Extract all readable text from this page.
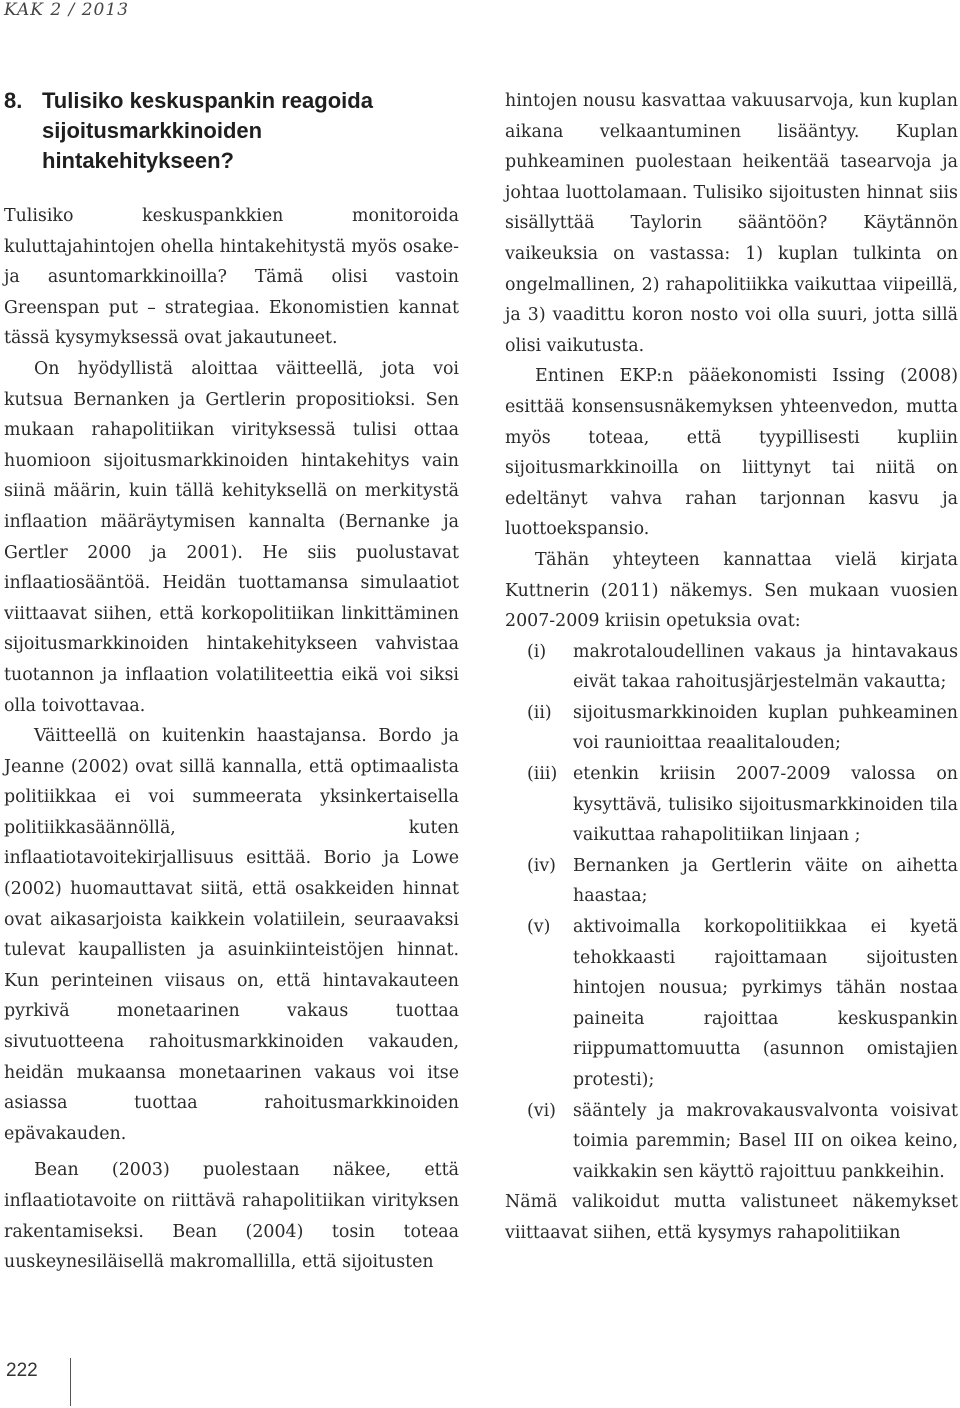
KAK 2 / 2013
8. Tulisiko keskuspankin reagoida sijoitusmarkkinoiden hintakehitykseen?

Tulisiko keskuspankkien monitoroida kuluttajahintojen ohella hintakehitystä myös osake- ja asuntomarkkinoilla? Tämä olisi vastoin Greenspan put – strategiaa. Ekonomistien kannat tässä kysymyksessä ovat jakautuneet.

On hyödyllistä aloittaa väitteellä, jota voi kutsua Bernanken ja Gertlerin propositioksi. Sen mukaan rahapolitiikan virityksessä tulisi ottaa huomioon sijoitusmarkkinoiden hintakehitys vain siinä määrin, kuin tällä kehityksellä on merkitystä inflaation määräytymisen kannalta (Bernanke ja Gertler 2000 ja 2001). He siis puolustavat inflaatiosääntöä. Heidän tuottamansa simulaatiot viittaavat siihen, että korkopolitiikan linkittäminen sijoitusmarkkinoiden hintakehitykseen vahvistaa tuotannon ja inflaation volatiliteettia eikä voi siksi olla toivottavaa.

Väitteellä on kuitenkin haastajansa. Bordo ja Jeanne (2002) ovat sillä kannalla, että optimaalista politiikkaa ei voi summeerata yksinkertaisella politiikkasäännöllä, kuten inflaatiotavoitekirjallisuus esittää. Borio ja Lowe (2002) huomauttavat siitä, että osakkeiden hinnat ovat aikasarjoista kaikkein volatiilein, seuraavaksi tulevat kaupallisten ja asuinkiinteistöjen hinnat. Kun perinteinen viisaus on, että hintavakauteen pyrkivä monetaarinen vakaus tuottaa sivutuotteena rahoitusmarkkinoiden vakauden, heidän mukaansa monetaarinen vakaus voi itse asiassa tuottaa rahoitusmarkkinoiden epävakauden.

Bean (2003) puolestaan näkee, että inflaatiotavoite on riittävä rahapolitiikan virityksen rakentamiseksi. Bean (2004) tosin toteaa uuskeynesiläisellä makromallilla, että sijoitusten

hintojen nousu kasvattaa vakuusarvoja, kun kuplan aikana velkaantuminen lisääntyy. Kuplan puhkeaminen puolestaan heikentää tasearvoja ja johtaa luottolamaan. Tulisiko sijoitusten hinnat siis sisällyttää Taylorin sääntöön? Käytännön vaikeuksia on vastassa: 1) kuplan tulkinta on ongelmallinen, 2) rahapolitiikka vaikuttaa viipeillä, ja 3) vaadittu koron nosto voi olla suuri, jotta sillä olisi vaikutusta.

Entinen EKP:n pääekonomisti Issing (2008) esittää konsensusnäkemyksen yhteenvedon, mutta myös toteaa, että tyypillisesti kupliin sijoitusmarkkinoilla on liittynyt tai niitä on edeltänyt vahva rahan tarjonnan kasvu ja luottoekspansio.

Tähän yhteyteen kannattaa vielä kirjata Kuttnerin (2011) näkemys. Sen mukaan vuosien 2007-2009 kriisin opetuksia ovat:

(i)	makrotaloudellinen vakaus ja hintavakaus eivät takaa rahoitusjärjestelmän vakautta;
(ii)	sijoitusmarkkinoiden kuplan puhkeaminen voi raunioittaa reaalitalouden;
(iii) etenkin kriisin 2007-2009 valossa on kysyttävä, tulisiko sijoitusmarkkinoiden tila vaikuttaa rahapolitiikan linjaan ;
(iv) Bernanken ja Gertlerin väite on aihetta haastaa;
(v)	aktivoimalla korkopolitiikkaa ei kyetä tehokkaasti rajoittamaan sijoitusten hintojen nousua; pyrkimys tähän nostaa paineita rajoittaa keskuspankin riippumattomuutta (asunnon omistajien protesti);
(vi) sääntely ja makrovakausvalvonta voisivat toimia paremmin; Basel III on oikea keino, vaikkakin sen käyttö rajoittuu pankkeihin.

Nämä valikoidut mutta valistuneet näkemykset viittaavat siihen, että kysymys rahapolitiikan

222
